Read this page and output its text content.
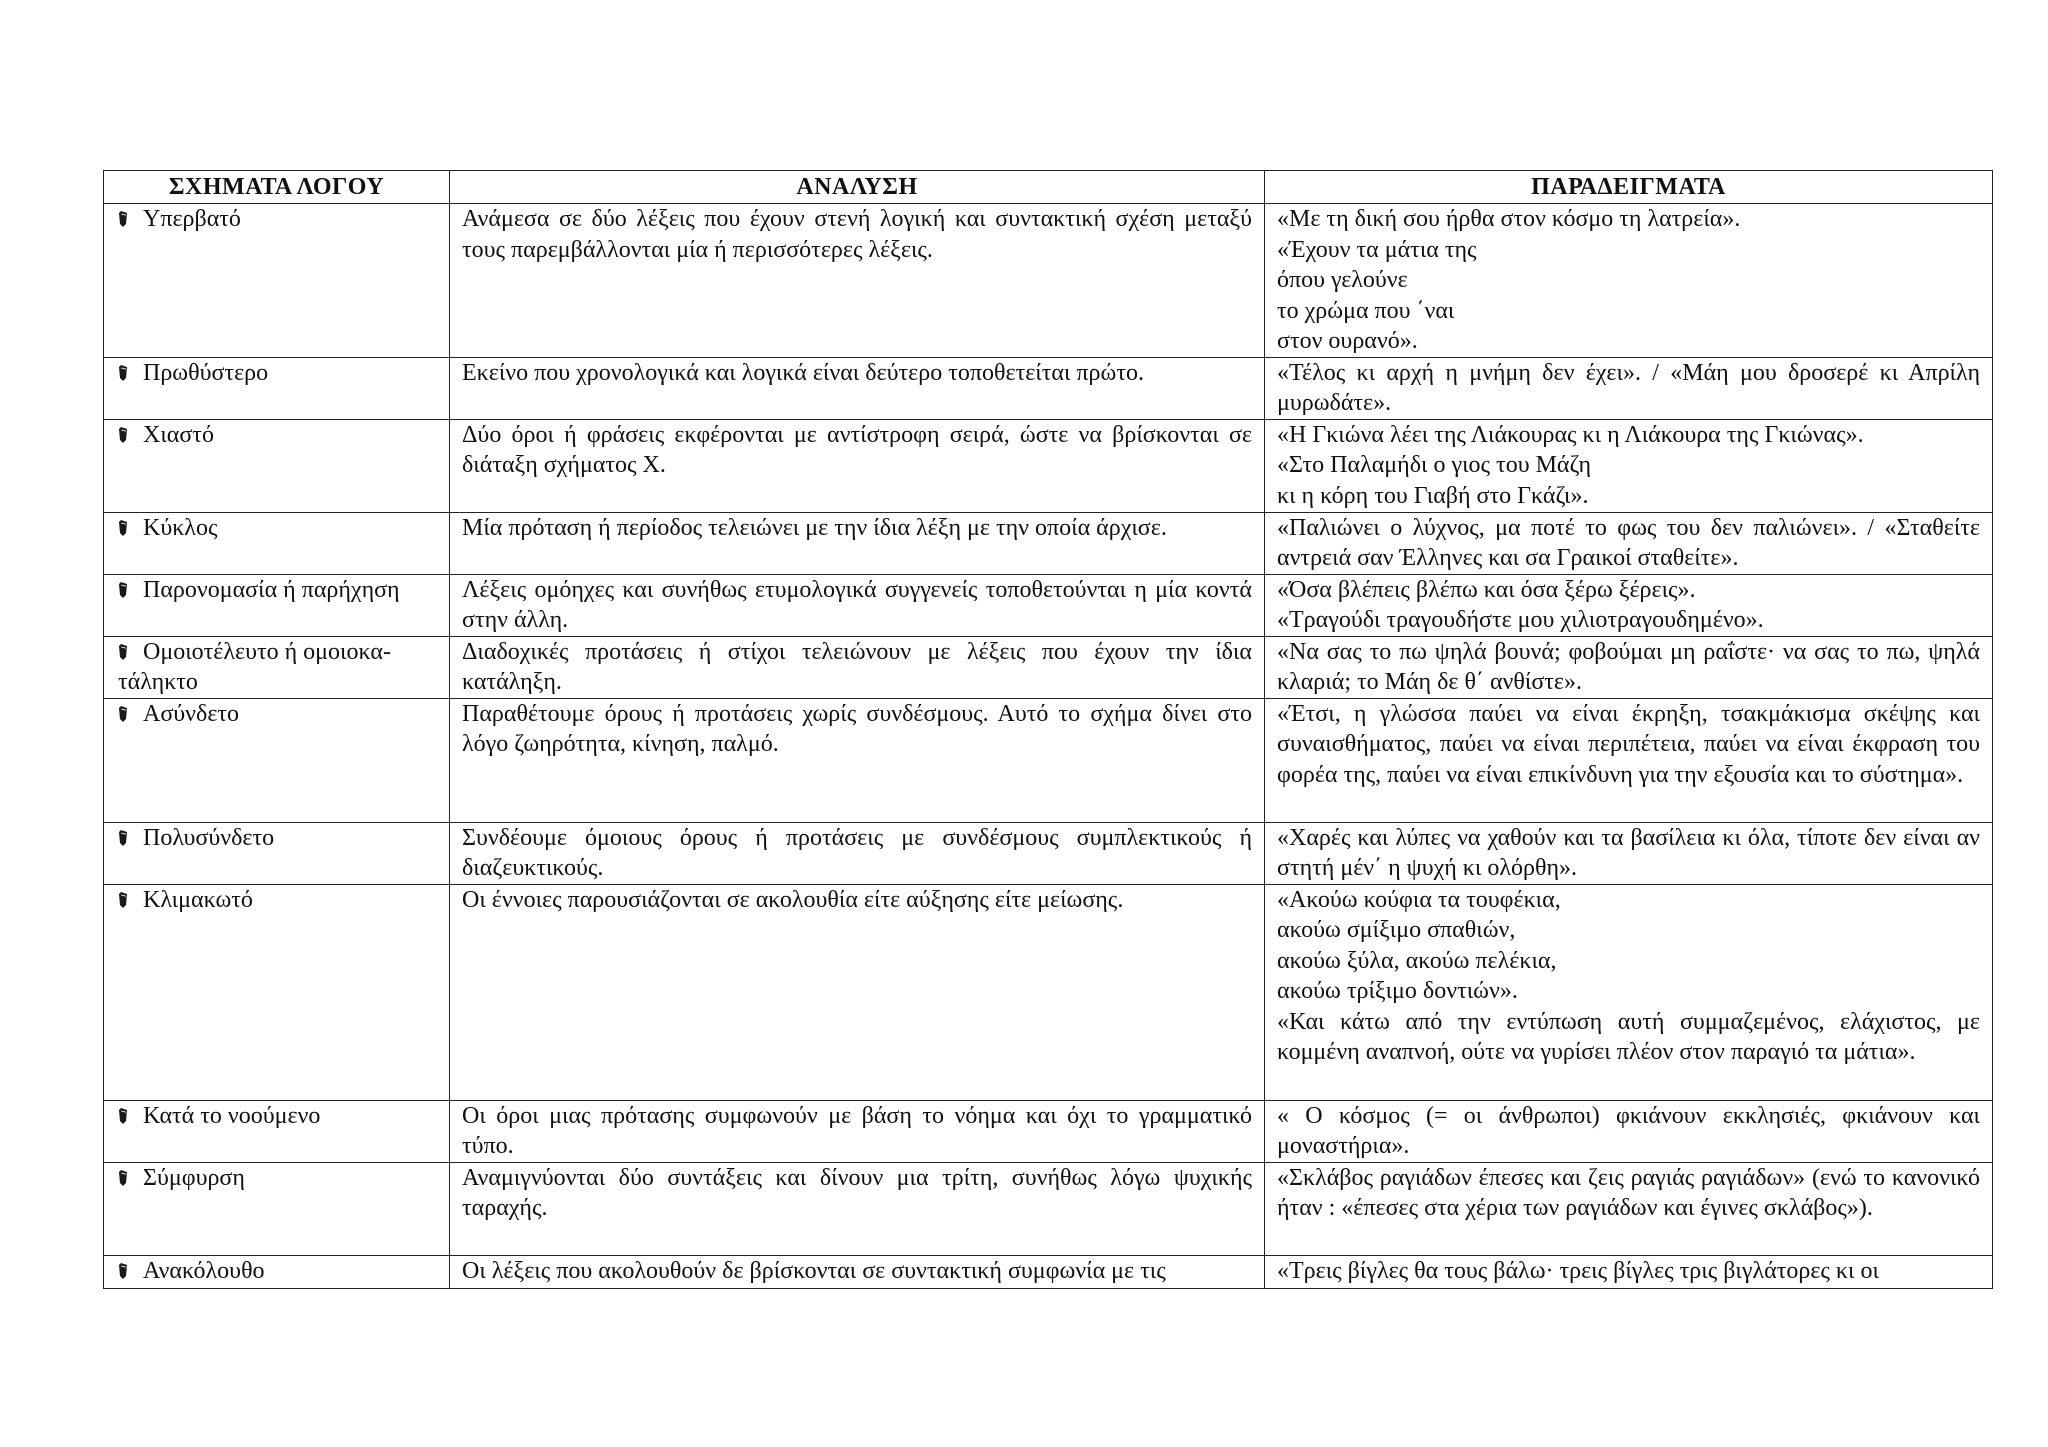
ΣΧΗΜΑΤΑ ΛΟΓΟΥ	ΑΝΑΛΥΣΗ	ΠΑΡΑΔΕΙΓΜΑΤΑ
Υπερβατό	Ανάμεσα σε δύο λέξεις που έχουν στενή λογική και συντακτική σχέση μεταξύ τους παρεμβάλλονται μία ή περισσότερες λέξεις.	«Με τη δική σου ήρθα στον κόσμο τη λατρεία».
«Έχουν τα μάτια της
όπου γελούνε
το χρώμα που ΄ναι
στον ουρανό».

Πρωθύστερο	Εκείνο που χρονολογικά και λογικά είναι δεύτερο τοποθετείται πρώτο.	«Τέλος κι αρχή η μνήμη δεν έχει». / «Μάη μου δροσερέ κι Απρίλη μυρωδάτε».

Χιαστό	Δύο όροι ή φράσεις εκφέρονται με αντίστροφη σειρά, ώστε να βρίσκονται σε διάταξη σχήματος Χ.	«Η Γκιώνα λέει της Λιάκουρας κι η Λιάκουρα της Γκιώνας».
«Στο Παλαμήδι ο γιος του Μάζη
κι η κόρη του Γιαβή στο Γκάζι».

Κύκλος	Μία πρόταση ή περίοδος τελειώνει με την ίδια λέξη με την οποία άρχισε.	«Παλιώνει ο λύχνος, μα ποτέ το φως του δεν παλιώνει». / «Σταθείτε αντρειά σαν Έλληνες και σα Γραικοί σταθείτε».

Παρονομασία ή παρήχηση	Λέξεις ομόηχες και συνήθως ετυμολογικά συγγενείς τοποθετούνται η μία κοντά στην άλλη.	«Όσα βλέπεις βλέπω και όσα ξέρω ξέρεις».
«Τραγούδι τραγουδήστε μου χιλιοτραγουδημένο».

Ομοιοτέλευτο ή ομοιοκα-τάληκτο	Διαδοχικές προτάσεις ή στίχοι τελειώνουν με λέξεις που έχουν την ίδια κατάληξη.	«Να σας το πω ψηλά βουνά; φοβούμαι μη ραΐστε· να σας το πω, ψηλά κλαριά; το Μάη δε θ΄ ανθίστε».

Ασύνδετο	Παραθέτουμε όρους ή προτάσεις χωρίς συνδέσμους. Αυτό το σχήμα δίνει στο λόγο ζωηρότητα, κίνηση, παλμό.	«Έτσι, η γλώσσα παύει να είναι έκρηξη, τσακμάκισμα σκέψης και συναισθήματος, παύει να είναι περιπέτεια, παύει να είναι έκφραση του φορέα της, παύει να είναι επικίνδυνη για την εξουσία και το σύστημα».

Πολυσύνδετο	Συνδέουμε όμοιους όρους ή προτάσεις με συνδέσμους συμπλεκτικούς ή διαζευκτικούς.	«Χαρές και λύπες να χαθούν και τα βασίλεια κι όλα, τίποτε δεν είναι αν στητή μέν΄ η ψυχή κι ολόρθη».

Κλιμακωτό	Οι έννοιες παρουσιάζονται σε ακολουθία είτε αύξησης είτε μείωσης.	«Ακούω κούφια τα τουφέκια,
ακούω σμίξιμο σπαθιών,
ακούω ξύλα, ακούω πελέκια,
ακούω τρίξιμο δοντιών».
«Και κάτω από την εντύπωση αυτή συμμαζεμένος, ελάχιστος, με κομμένη αναπνοή, ούτε να γυρίσει πλέον στον παραγιό τα μάτια».

Κατά το νοούμενο	Οι όροι μιας πρότασης συμφωνούν με βάση το νόημα και όχι το γραμματικό τύπο.	« Ο κόσμος (= οι άνθρωποι) φκιάνουν εκκλησιές, φκιάνουν και μοναστήρια».

Σύμφυρση	Αναμιγνύονται δύο συντάξεις και δίνουν μια τρίτη, συνήθως λόγω ψυχικής ταραχής.	«Σκλάβος ραγιάδων έπεσες και ζεις ραγιάς ραγιάδων» (ενώ το κανονικό ήταν : «έπεσες στα χέρια των ραγιάδων και έγινες σκλάβος»).

Ανακόλουθο	Οι λέξεις που ακολουθούν δε βρίσκονται σε συντακτική συμφωνία με τις	«Τρεις βίγλες θα τους βάλω· τρεις βίγλες τρις βιγλάτορες κι οι
